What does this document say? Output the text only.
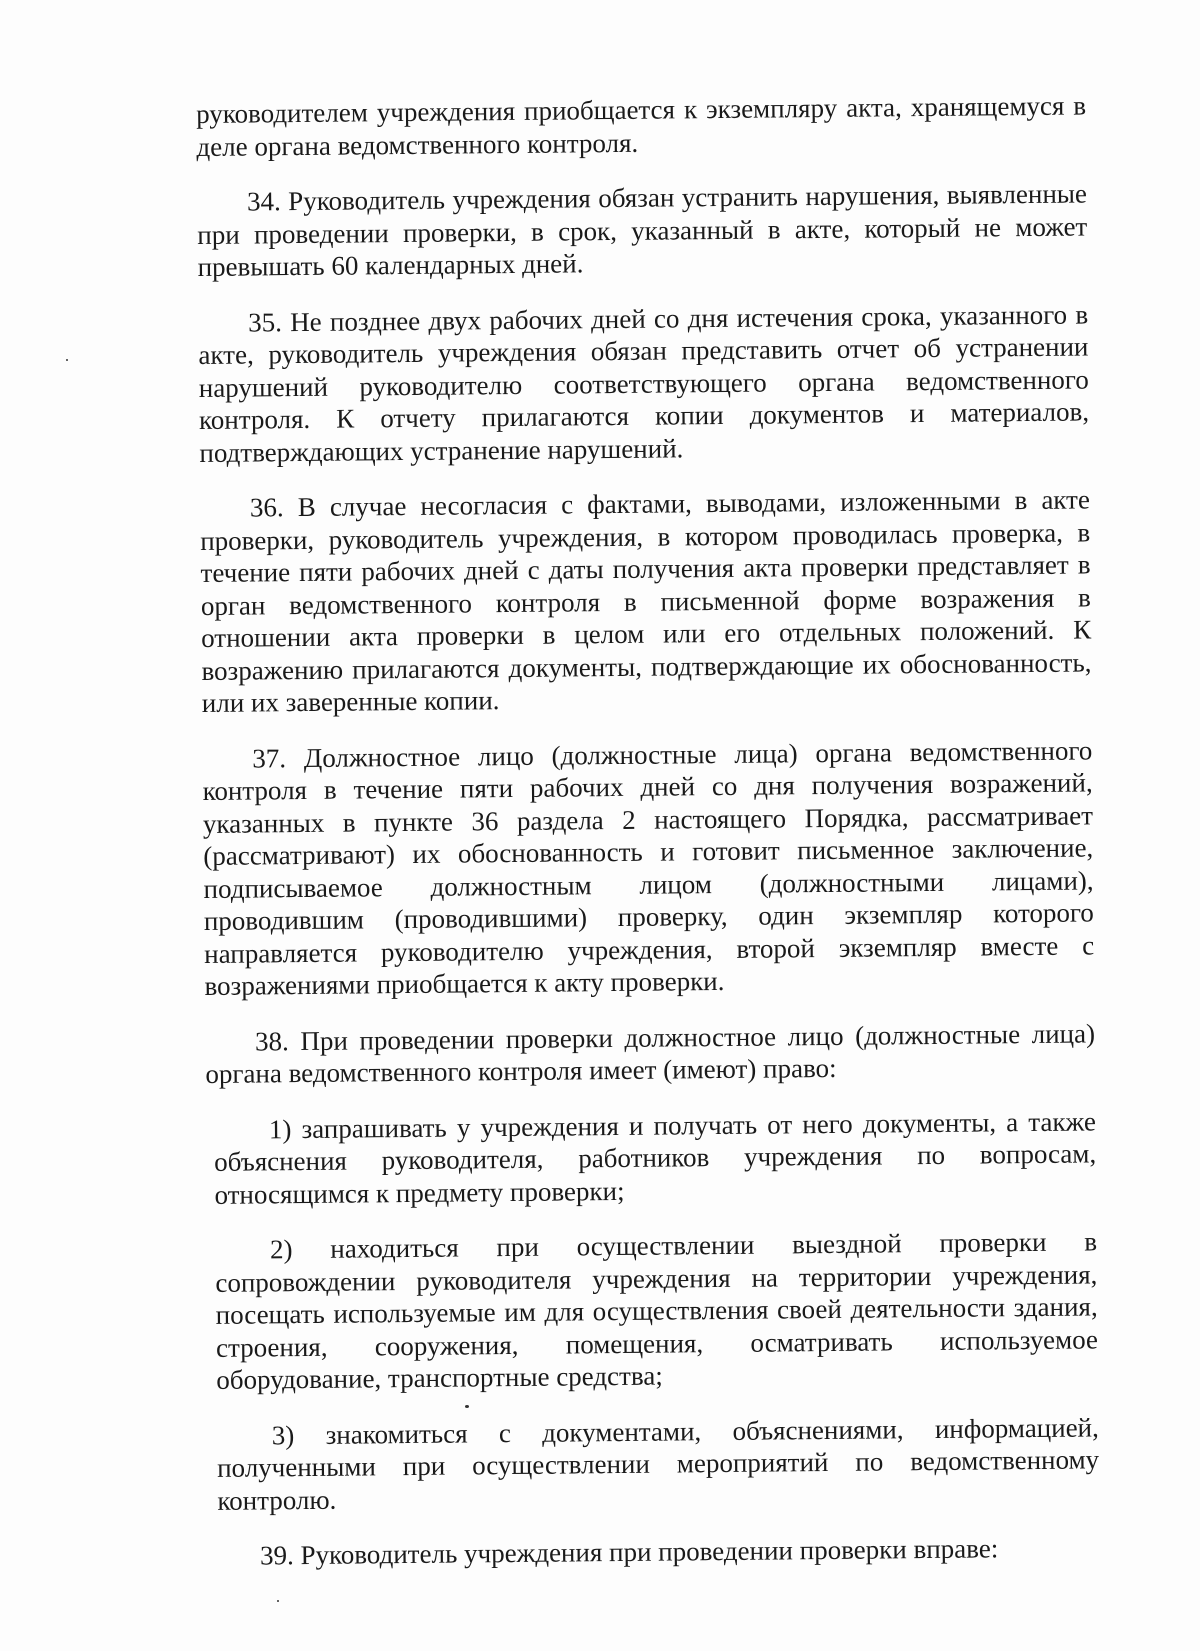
руководителем учреждения приобщается к экземпляру акта, хранящемуся в деле органа ведомственного контроля.

34. Руководитель учреждения обязан устранить нарушения, выявленные при проведении проверки, в срок, указанный в акте, который не может превышать 60 календарных дней.

35. Не позднее двух рабочих дней со дня истечения срока, указанного в акте, руководитель учреждения обязан представить отчет об устранении нарушений руководителю соответствующего органа ведомственного контроля. К отчету прилагаются копии документов и материалов, подтверждающих устранение нарушений.

36. В случае несогласия с фактами, выводами, изложенными в акте проверки, руководитель учреждения, в котором проводилась проверка, в течение пяти рабочих дней с даты получения акта проверки представляет в орган ведомственного контроля в письменной форме возражения в отношении акта проверки в целом или его отдельных положений. К возражению прилагаются документы, подтверждающие их обоснованность, или их заверенные копии.

37. Должностное лицо (должностные лица) органа ведомственного контроля в течение пяти рабочих дней со дня получения возражений, указанных в пункте 36 раздела 2 настоящего Порядка, рассматривает (рассматривают) их обоснованность и готовит письменное заключение, подписываемое должностным лицом (должностными лицами), проводившим (проводившими) проверку, один экземпляр которого направляется руководителю учреждения, второй экземпляр вместе с возражениями приобщается к акту проверки.

38. При проведении проверки должностное лицо (должностные лица) органа ведомственного контроля имеет (имеют) право:

1) запрашивать у учреждения и получать от него документы, а также объяснения руководителя, работников учреждения по вопросам, относящимся к предмету проверки;

2) находиться при осуществлении выездной проверки в сопровождении руководителя учреждения на территории учреждения, посещать используемые им для осуществления своей деятельности здания, строения, сооружения, помещения, осматривать используемое оборудование, транспортные средства;

3) знакомиться с документами, объяснениями, информацией, полученными при осуществлении мероприятий по ведомственному контролю.

39. Руководитель учреждения при проведении проверки вправе:
